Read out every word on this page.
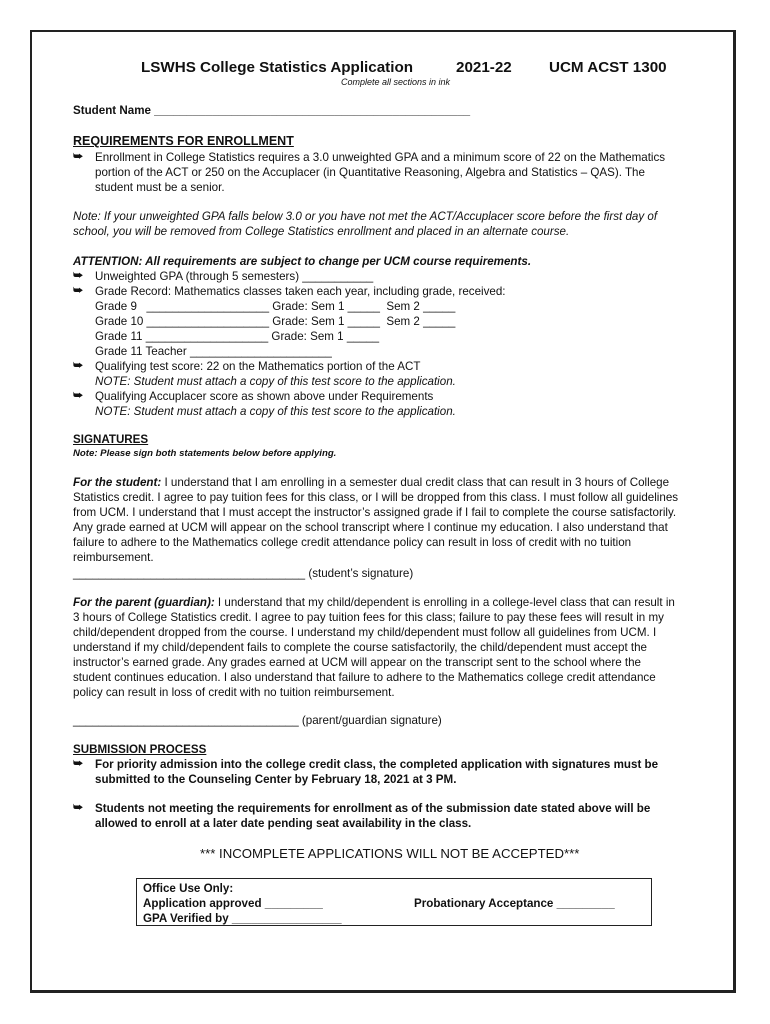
LSWHS College Statistics Application	2021-22 UCM ACST 1300
Complete all sections in ink
Student Name _________________________________________________
REQUIREMENTS FOR ENROLLMENT
⮩ Enrollment in College Statistics requires a 3.0 unweighted GPA and a minimum score of 22 on the Mathematics
portion of the ACT or 250 on the Accuplacer (in Quantitative Reasoning, Algebra and Statistics – QAS). The
student must be a senior.
Note: If your unweighted GPA falls below 3.0 or you have not met the ACT/Accuplacer score before the first day of
school, you will be removed from College Statistics enrollment and placed in an alternate course.
ATTENTION: All requirements are subject to change per UCM course requirements.
⮩ Unweighted GPA (through 5 semesters) ___________
⮩ Grade Record: Mathematics classes taken each year, including grade, received:
Grade 9   ___________________ Grade: Sem 1 _____  Sem 2 _____
Grade 10 ___________________ Grade: Sem 1 _____  Sem 2 _____
Grade 11 ___________________ Grade: Sem 1 _____
Grade 11 Teacher ______________________
⮩ Qualifying test score: 22 on the Mathematics portion of the ACT
NOTE: Student must attach a copy of this test score to the application.
⮩ Qualifying Accuplacer score as shown above under Requirements
NOTE: Student must attach a copy of this test score to the application.
SIGNATURES
Note: Please sign both statements below before applying.
For the student: I understand that I am enrolling in a semester dual credit class that can result in 3 hours of College
Statistics credit. I agree to pay tuition fees for this class, or I will be dropped from this class. I must follow all guidelines
from UCM. I understand that I must accept the instructor’s assigned grade if I fail to complete the course satisfactorily.
Any grade earned at UCM will appear on the school transcript where I continue my education. I also understand that
failure to adhere to the Mathematics college credit attendance policy can result in loss of credit with no tuition
reimbursement.
____________________________________ (student’s signature)
For the parent (guardian): I understand that my child/dependent is enrolling in a college-level class that can result in
3 hours of College Statistics credit. I agree to pay tuition fees for this class; failure to pay these fees will result in my
child/dependent dropped from the course. I understand my child/dependent must follow all guidelines from UCM. I
understand if my child/dependent fails to complete the course satisfactorily, the child/dependent must accept the
instructor’s earned grade. Any grades earned at UCM will appear on the transcript sent to the school where the
student continues education. I also understand that failure to adhere to the Mathematics college credit attendance
policy can result in loss of credit with no tuition reimbursement.
___________________________________ (parent/guardian signature)
SUBMISSION PROCESS
⮩ For priority admission into the college credit class, the completed application with signatures must be
submitted to the Counseling Center by February 18, 2021 at 3 PM.
⮩ Students not meeting the requirements for enrollment as of the submission date stated above will be
allowed to enroll at a later date pending seat availability in the class.
*** INCOMPLETE APPLICATIONS WILL NOT BE ACCEPTED***
Office Use Only:
Application approved _________	Probationary Acceptance _________
GPA Verified by _________________
